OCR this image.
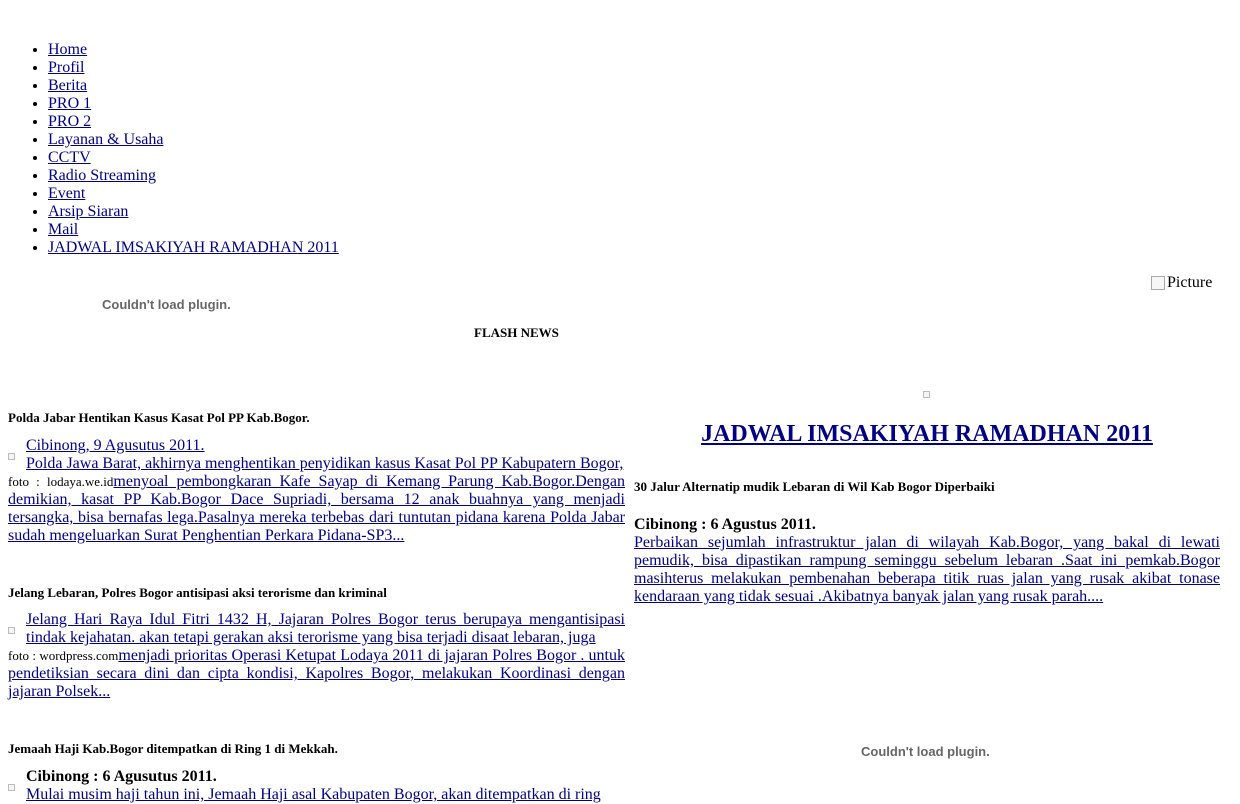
• Home
• Profil
• Berita
• PRO 1
• PRO 2
• Layanan & Usaha
• CCTV
• Radio Streaming
• Event
• Arsip Siaran
• Mail
• JADWAL IMSAKIYAH RAMADHAN 2011
Couldn't load plugin.
Picture
FLASH NEWS

Polda Jabar Hentikan Kasus Kasat Pol PP Kab.Bogor.

Cibinong, 9 Agusutus 2011.
Polda Jawa Barat, akhirnya menghentikan penyidikan kasus Kasat Pol PP Kabupatern Bogor,
foto : lodaya.we.idmenyoal pembongkaran Kafe Sayap di Kemang Parung Kab.Bogor.Dengan demikian, kasat PP Kab.Bogor Dace Supriadi, bersama 12 anak buahnya yang menjadi tersangka, bisa bernafas lega.Pasalnya mereka terbebas dari tuntutan pidana karena Polda Jabar sudah mengeluarkan Surat Penghentian Perkara Pidana-SP3...

Jelang Lebaran, Polres Bogor antisipasi aksi terorisme dan kriminal

Jelang Hari Raya Idul Fitri 1432 H, Jajaran Polres Bogor terus berupaya mengantisipasi tindak kejahatan. akan tetapi gerakan aksi terorisme yang bisa terjadi disaat lebaran, juga
foto : wordpress.commenjadi prioritas Operasi Ketupat Lodaya 2011 di jajaran Polres Bogor . untuk pendetiksian secara dini dan cipta kondisi, Kapolres Bogor, melakukan Koordinasi dengan jajaran Polsek...

Jemaah Haji Kab.Bogor ditempatkan di Ring 1 di Mekkah.

Cibinong : 6 Agusutus 2011.
Mulai musim haji tahun ini, Jemaah Haji asal Kabupaten Bogor, akan ditempatkan di ring
JADWAL IMSAKIYAH RAMADHAN 2011

30 Jalur Alternatip mudik Lebaran di Wil Kab Bogor Diperbaiki

Cibinong : 6 Agustus 2011.
Perbaikan sejumlah infrastruktur jalan di wilayah Kab.Bogor, yang bakal di lewati pemudik, bisa dipastikan rampung seminggu sebelum lebaran .Saat ini pemkab.Bogor masihterus melakukan pembenahan beberapa titik ruas jalan yang rusak akibat tonase kendaraan yang tidak sesuai .Akibatnya banyak jalan yang rusak parah....
Couldn't load plugin.
